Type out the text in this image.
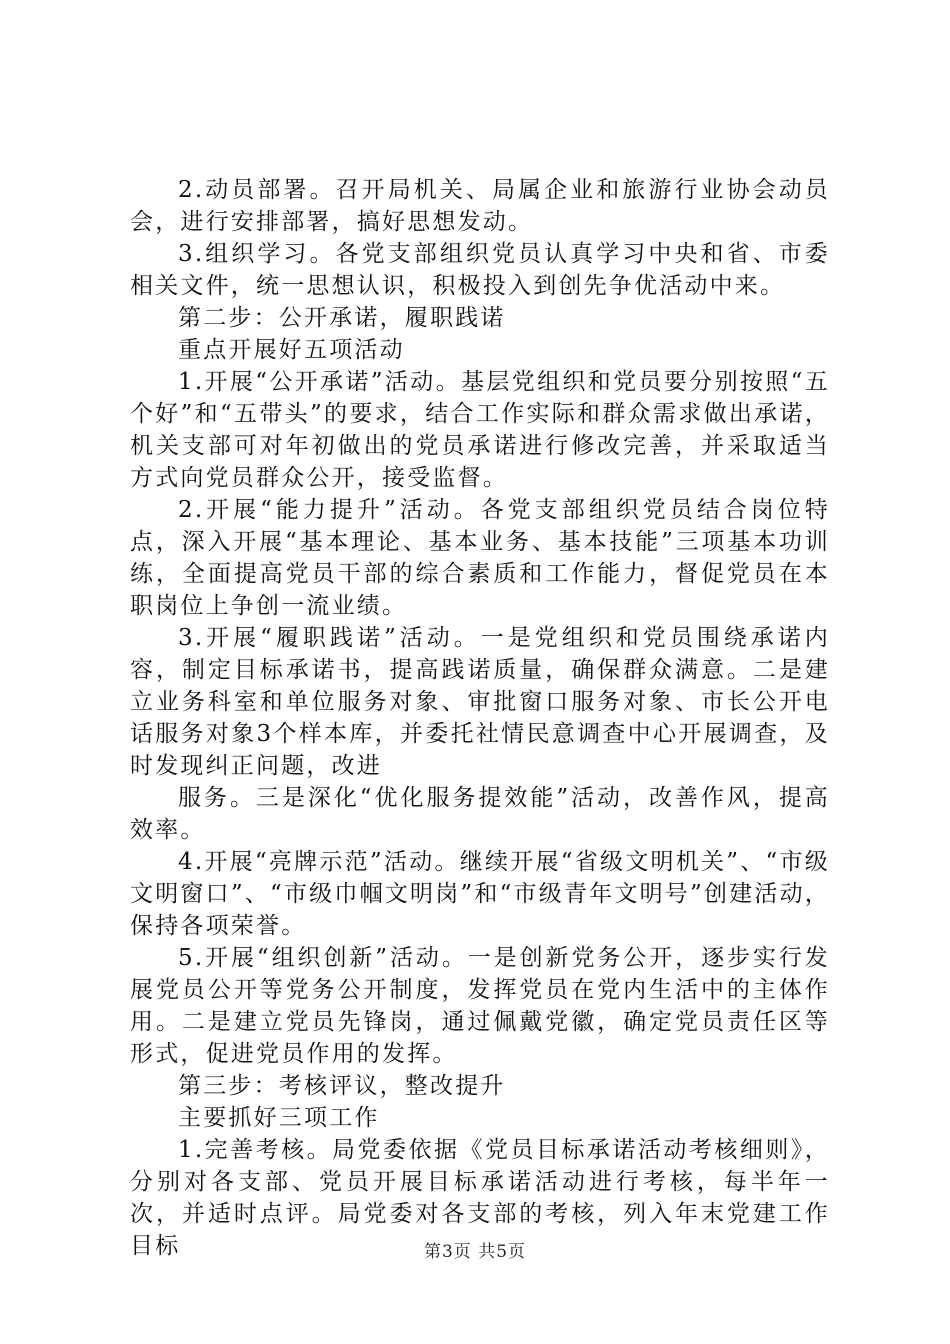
2.动员部署。召开局机关、局属企业和旅游行业协会动员会，进行安排部署，搞好思想发动。

3.组织学习。各党支部组织党员认真学习中央和省、市委相关文件，统一思想认识，积极投入到创先争优活动中来。

第二步：公开承诺，履职践诺

重点开展好五项活动

1.开展“公开承诺”活动。基层党组织和党员要分别按照“五个好”和“五带头”的要求，结合工作实际和群众需求做出承诺，机关支部可对年初做出的党员承诺进行修改完善，并采取适当方式向党员群众公开，接受监督。

2.开展“能力提升”活动。各党支部组织党员结合岗位特点，深入开展“基本理论、基本业务、基本技能”三项基本功训练，全面提高党员干部的综合素质和工作能力，督促党员在本职岗位上争创一流业绩。

3.开展“履职践诺”活动。一是党组织和党员围绕承诺内容，制定目标承诺书，提高践诺质量，确保群众满意。二是建立业务科室和单位服务对象、审批窗口服务对象、市长公开电话服务对象3个样本库，并委托社情民意调查中心开展调查，及时发现纠正问题，改进

服务。三是深化“优化服务提效能”活动，改善作风，提高效率。

4.开展“亮牌示范”活动。继续开展“省级文明机关”、“市级文明窗口”、“市级巾帼文明岗”和“市级青年文明号”创建活动，保持各项荣誉。

5.开展“组织创新”活动。一是创新党务公开，逐步实行发展党员公开等党务公开制度，发挥党员在党内生活中的主体作用。二是建立党员先锋岗，通过佩戴党徽，确定党员责任区等形式，促进党员作用的发挥。

第三步：考核评议，整改提升

主要抓好三项工作

1.完善考核。局党委依据《党员目标承诺活动考核细则》，分别对各支部、党员开展目标承诺活动进行考核，每半年一次，并适时点评。局党委对各支部的考核，列入年末党建工作目标	第3页 共5页
